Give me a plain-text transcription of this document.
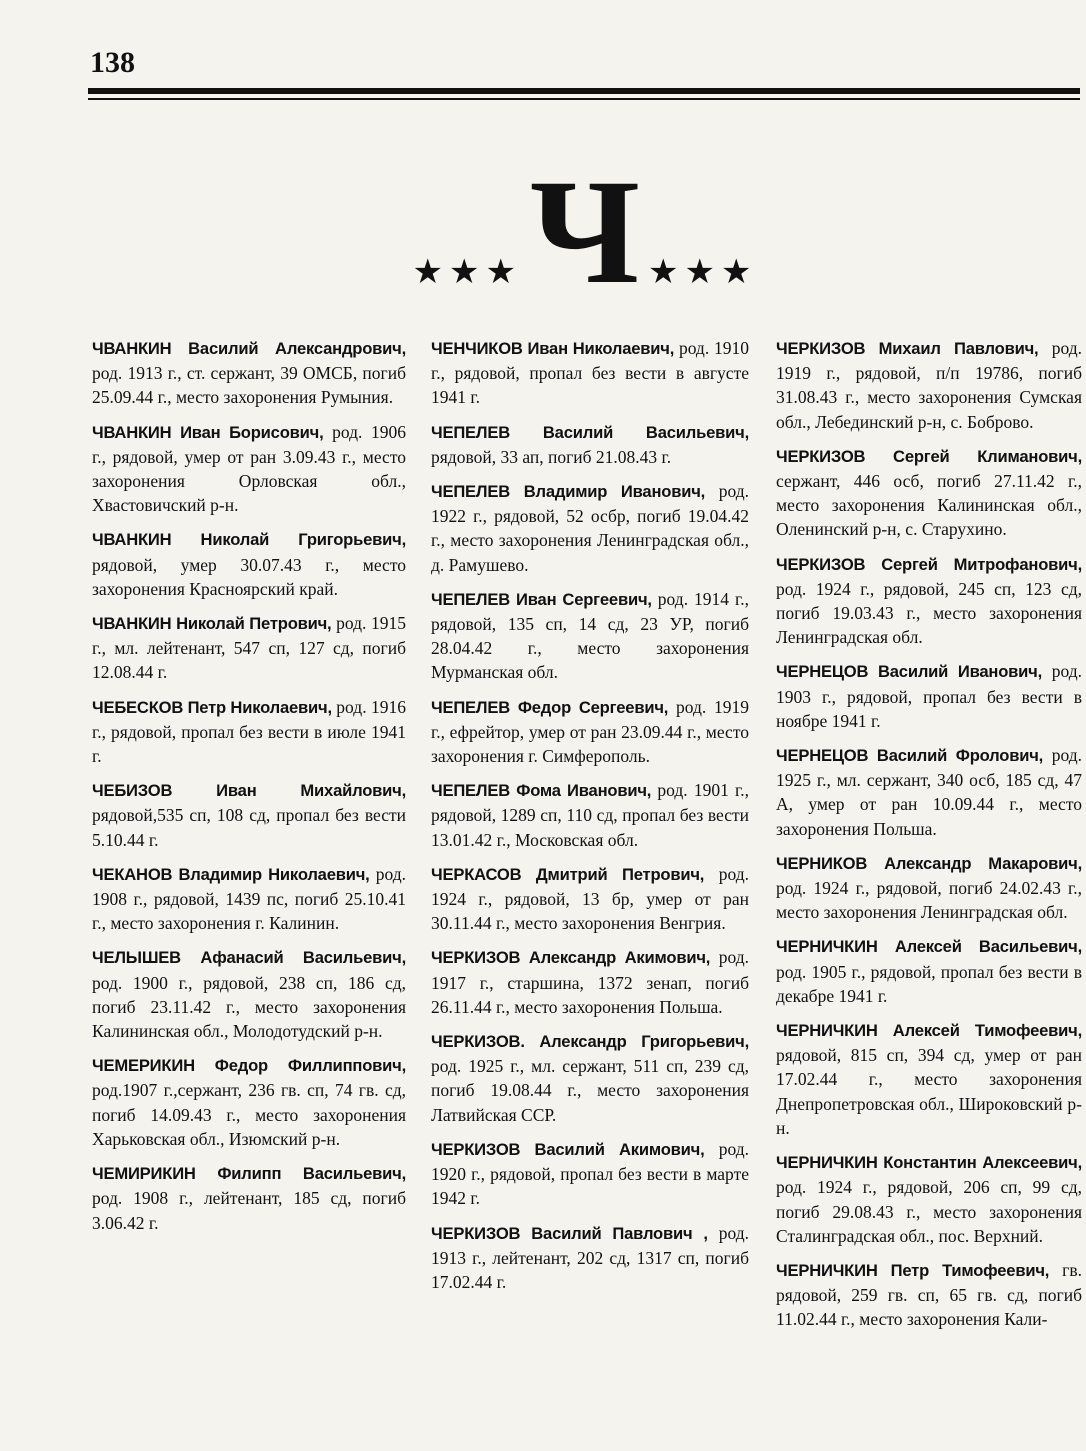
138
★★★ Ч ★★★

ЧВАНКИН Василий Александрович, род. 1913 г., ст. сержант, 39 ОМСБ, погиб 25.09.44 г., место захоронения Румыния.

ЧВАНКИН Иван Борисович, род. 1906 г., рядовой, умер от ран 3.09.43 г., место захоронения Орловская обл., Хвастовичский р-н.

ЧВАНКИН Николай Григорьевич, рядовой, умер 30.07.43 г., место захоронения Красноярский край.

ЧВАНКИН Николай Петрович, род. 1915 г., мл. лейтенант, 547 сп, 127 сд, погиб 12.08.44 г.

ЧЕБЕСКОВ Петр Николаевич, род. 1916 г., рядовой, пропал без вести в июле 1941 г.

ЧЕБИЗОВ Иван Михайлович, рядовой,535 сп, 108 сд, пропал без вести 5.10.44 г.

ЧЕКАНОВ Владимир Николаевич, род. 1908 г., рядовой, 1439 пс, погиб 25.10.41 г., место захоронения г. Калинин.

ЧЕЛЫШЕВ Афанасий Васильевич, род. 1900 г., рядовой, 238 сп, 186 сд, погиб 23.11.42 г., место захоронения Калининская обл., Молодотудский р-н.

ЧЕМЕРИКИН Федор Филлиппович, род.1907 г.,сержант, 236 гв. сп, 74 гв. сд, погиб 14.09.43 г., место захоронения Харьковская обл., Изюмский р-н.

ЧЕМИРИКИН Филипп Васильевич, род. 1908 г., лейтенант, 185 сд, погиб 3.06.42 г.

ЧЕНЧИКОВ Иван Николаевич, род. 1910 г., рядовой, пропал без вести в августе 1941 г.

ЧЕПЕЛЕВ Василий Васильевич, рядовой, 33 ап, погиб 21.08.43 г.

ЧЕПЕЛЕВ Владимир Иванович, род. 1922 г., рядовой, 52 осбр, погиб 19.04.42 г., место захоронения Ленинградская обл., д. Рамушево.

ЧЕПЕЛЕВ Иван Сергеевич, род. 1914 г., рядовой, 135 сп, 14 сд, 23 УР, погиб 28.04.42 г., место захоронения Мурманская обл.

ЧЕПЕЛЕВ Федор Сергеевич, род. 1919 г., ефрейтор, умер от ран 23.09.44 г., место захоронения г. Симферополь.

ЧЕПЕЛЕВ Фома Иванович, род. 1901 г., рядовой, 1289 сп, 110 сд, пропал без вести 13.01.42 г., Московская обл.

ЧЕРКАСОВ Дмитрий Петрович, род. 1924 г., рядовой, 13 бр, умер от ран 30.11.44 г., место захоронения Венгрия.

ЧЕРКИЗОВ Александр Акимович, род. 1917 г., старшина, 1372 зенап, погиб 26.11.44 г., место захоронения Польша.

ЧЕРКИЗОВ. Александр Григорьевич, род. 1925 г., мл. сержант, 511 сп, 239 сд, погиб 19.08.44 г., место захоронения Латвийская ССР.

ЧЕРКИЗОВ Василий Акимович, род. 1920 г., рядовой, пропал без вести в марте 1942 г.

ЧЕРКИЗОВ Василий Павлович , род. 1913 г., лейтенант, 202 сд, 1317 сп, погиб 17.02.44 г.

ЧЕРКИЗОВ Михаил Павлович, род. 1919 г., рядовой, п/п 19786, погиб 31.08.43 г., место захоронения Сумская обл., Лебединский р-н, с. Боброво.

ЧЕРКИЗОВ Сергей Климанович, сержант, 446 осб, погиб 27.11.42 г., место захоронения Калининская обл., Оленинский р-н, с. Старухино.

ЧЕРКИЗОВ Сергей Митрофанович, род. 1924 г., рядовой, 245 сп, 123 сд, погиб 19.03.43 г., место захоронения Ленинградская обл.

ЧЕРНЕЦОВ Василий Иванович, род. 1903 г., рядовой, пропал без вести в ноябре 1941 г.

ЧЕРНЕЦОВ Василий Фролович, род. 1925 г., мл. сержант, 340 осб, 185 сд, 47 А, умер от ран 10.09.44 г., место захоронения Польша.

ЧЕРНИКОВ Александр Макарович, род. 1924 г., рядовой, погиб 24.02.43 г., место захоронения Ленинградская обл.

ЧЕРНИЧКИН Алексей Васильевич, род. 1905 г., рядовой, пропал без вести в декабре 1941 г.

ЧЕРНИЧКИН Алексей Тимофеевич, рядовой, 815 сп, 394 сд, умер от ран 17.02.44 г., место захоронения Днепропетровская обл., Широковский р-н.

ЧЕРНИЧКИН Константин Алексеевич, род. 1924 г., рядовой, 206 сп, 99 сд, погиб 29.08.43 г., место захоронения Сталинградская обл., пос. Верхний.

ЧЕРНИЧКИН Петр Тимофеевич, гв. рядовой, 259 гв. сп, 65 гв. сд, погиб 11.02.44 г., место захоронения Кали-
